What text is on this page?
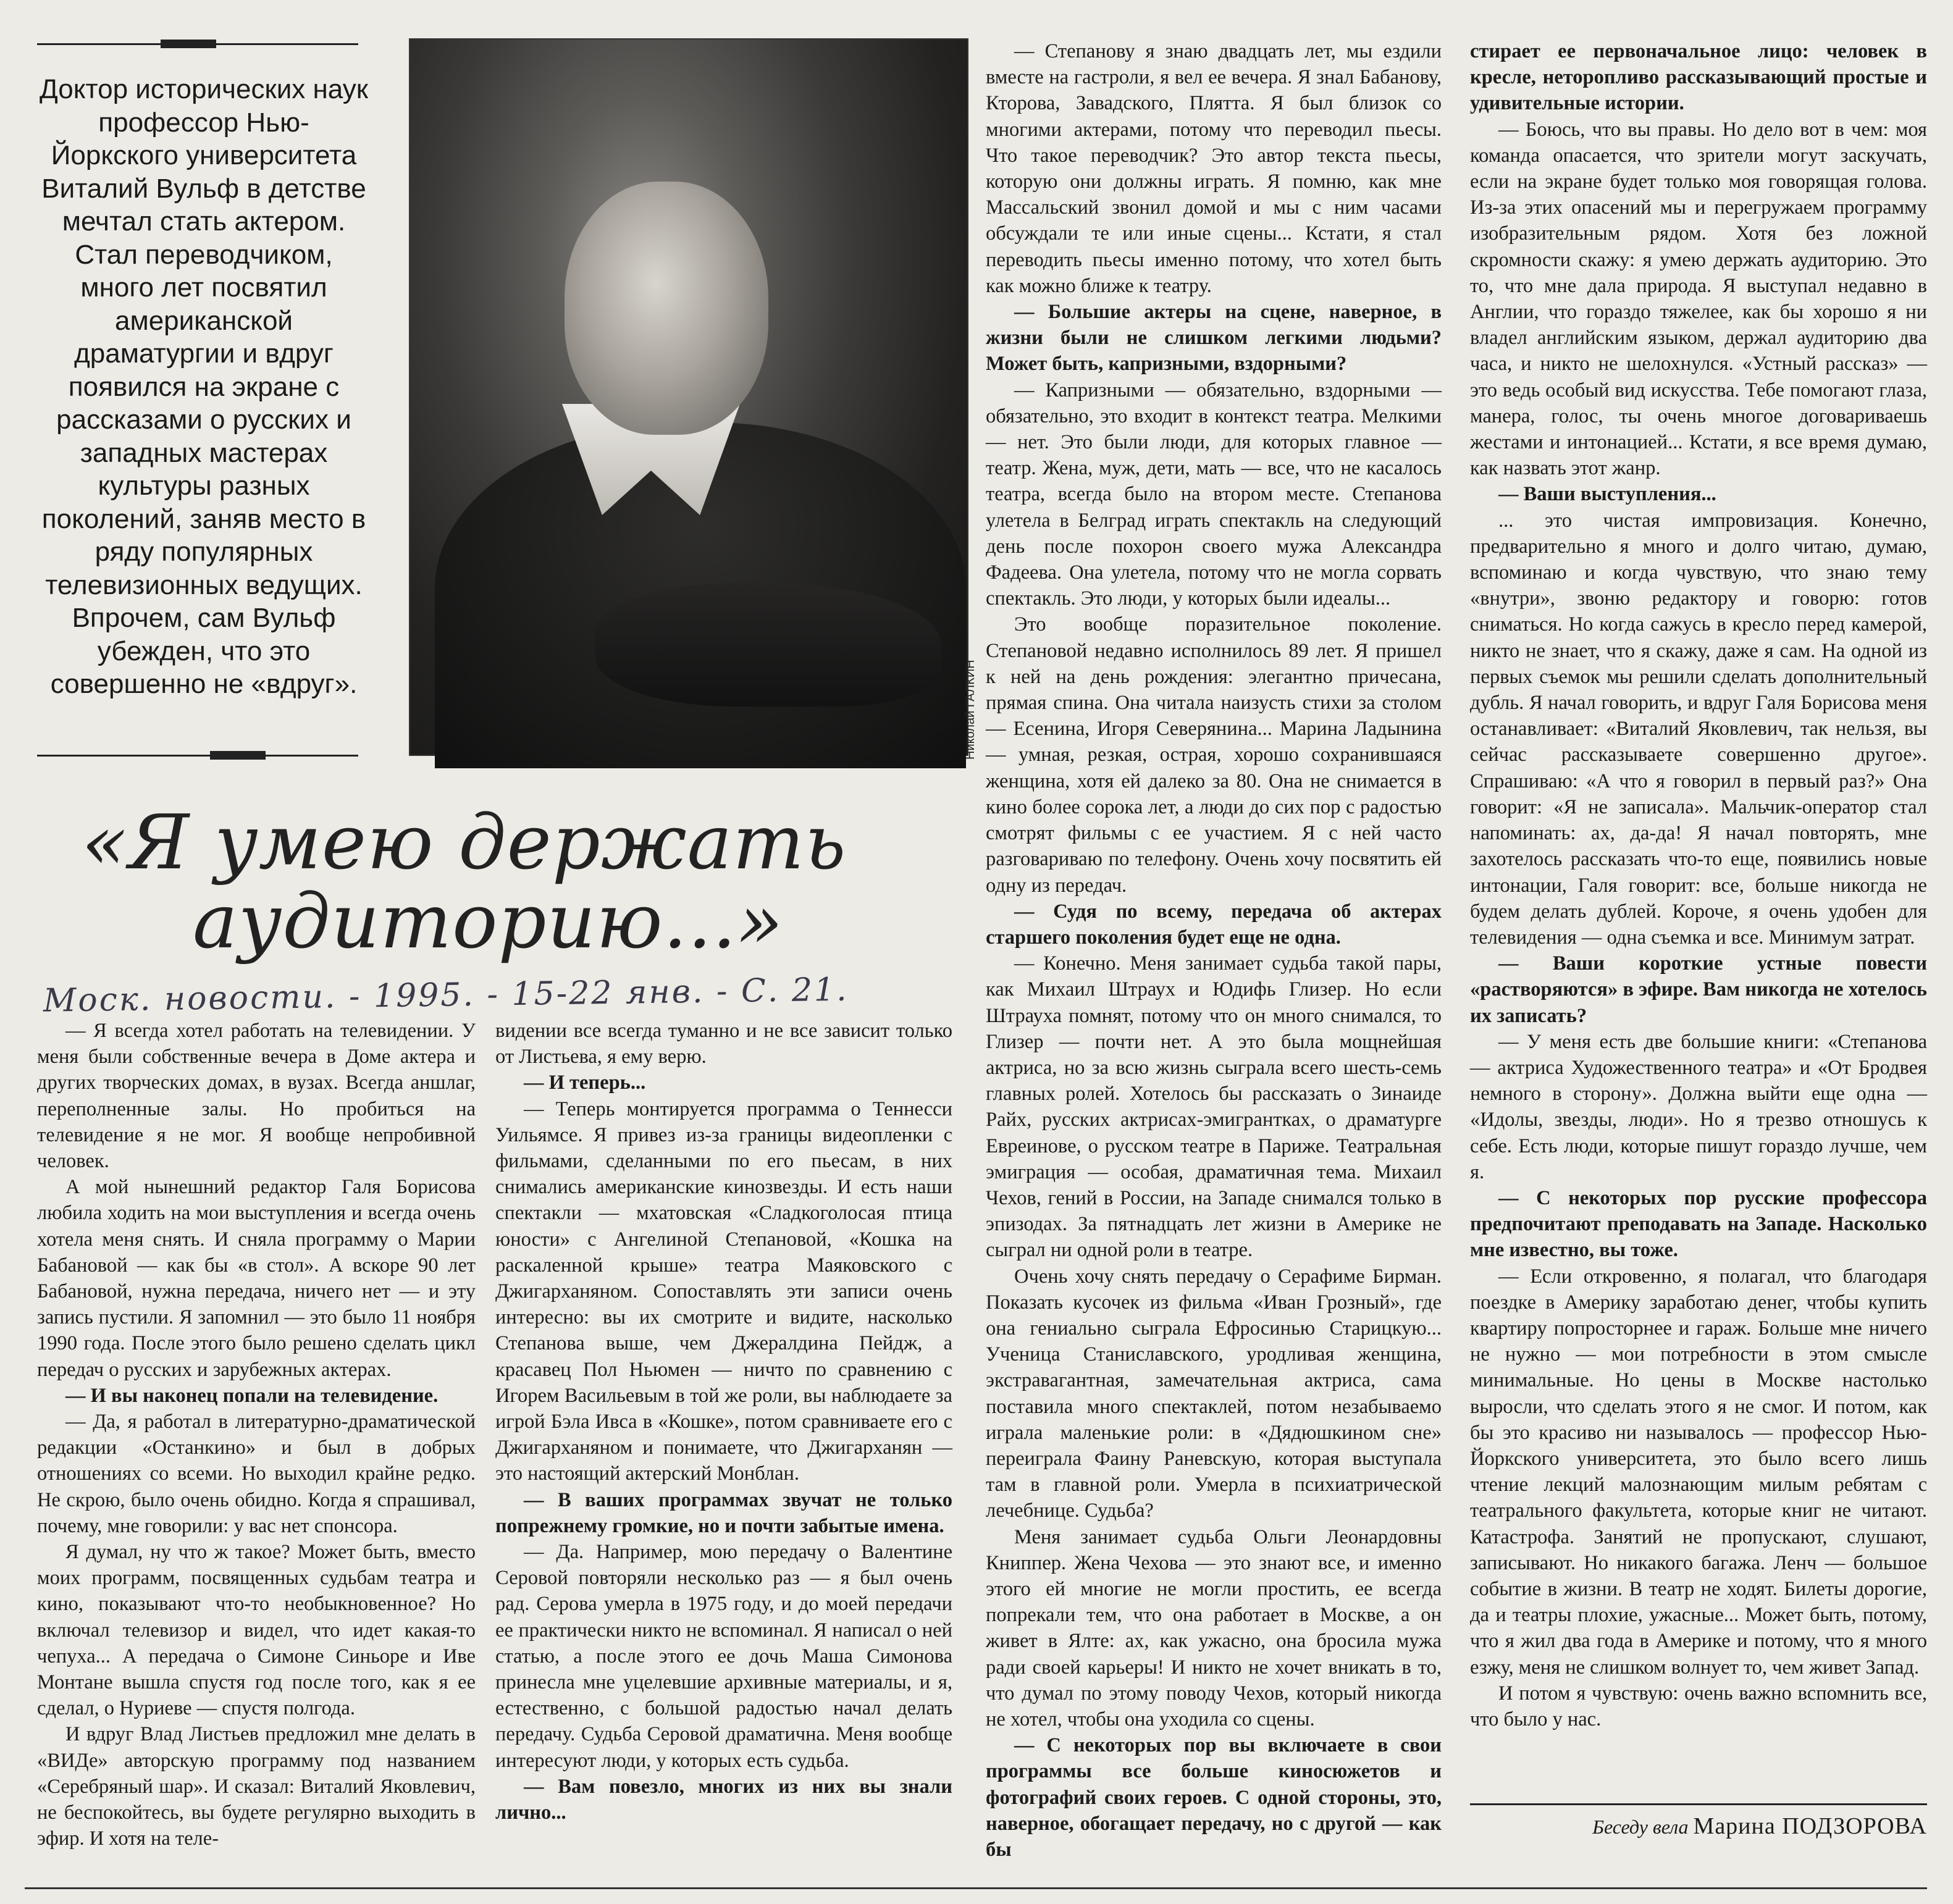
Доктор исторических наук профессор Нью-Йоркского университета Виталий Вульф в детстве мечтал стать актером. Стал переводчиком, много лет посвятил американской драматургии и вдруг появился на экране с рассказами о русских и западных мастерах культуры разных поколений, заняв место в ряду популярных телевизионных ведущих. Впрочем, сам Вульф убежден, что это совершенно не «вдруг».	Николай ГАЛКИН
«Я умею держать
аудиторию...»
Моск. новости. - 1995. - 15-22 янв. - С. 21.

— Я всегда хотел работать на телевидении. У меня были собственные вечера в Доме актера и других творческих домах, в вузах. Всегда аншлаг, переполненные залы. Но пробиться на телевидение я не мог. Я вообще непробивной человек.

А мой нынешний редактор Галя Борисова любила ходить на мои выступления и всегда очень хотела меня снять. И сняла программу о Марии Бабановой — как бы «в стол». А вскоре 90 лет Бабановой, нужна передача, ничего нет — и эту запись пустили. Я запомнил — это было 11 ноября 1990 года. После этого было решено сделать цикл передач о русских и зарубежных актерах.

— И вы наконец попали на телевидение.

— Да, я работал в литературно-драматической редакции «Останкино» и был в добрых отношениях со всеми. Но выходил крайне редко. Не скрою, было очень обидно. Когда я спрашивал, почему, мне говорили: у вас нет спонсора.

Я думал, ну что ж такое? Может быть, вместо моих программ, посвященных судьбам театра и кино, показывают что-то необыкновенное? Но включал телевизор и видел, что идет какая-то чепуха... А передача о Симоне Синьоре и Иве Монтане вышла спустя год после того, как я ее сделал, о Нуриеве — спустя полгода.

И вдруг Влад Листьев предложил мне делать в «ВИДе» авторскую программу под названием «Серебряный шар». И сказал: Виталий Яковлевич, не беспокойтесь, вы будете регулярно выходить в эфир. И хотя на теле-

видении все всегда туманно и не все зависит только от Листьева, я ему верю.

— И теперь...

— Теперь монтируется программа о Теннесси Уильямсе. Я привез из-за границы видеопленки с фильмами, сделанными по его пьесам, в них снимались американские кинозвезды. И есть наши спектакли — мхатовская «Сладкоголосая птица юности» с Ангелиной Степановой, «Кошка на раскаленной крыше» театра Маяковского с Джигарханяном. Сопоставлять эти записи очень интересно: вы их смотрите и видите, насколько Степанова выше, чем Джералдина Пейдж, а красавец Пол Ньюмен — ничто по сравнению с Игорем Васильевым в той же роли, вы наблюдаете за игрой Бэла Ивса в «Кошке», потом сравниваете его с Джигарханяном и понимаете, что Джигарханян — это настоящий актерский Монблан.

— В ваших программах звучат не только попрежнему громкие, но и почти забытые имена.

— Да. Например, мою передачу о Валентине Серовой повторяли несколько раз — я был очень рад. Серова умерла в 1975 году, и до моей передачи ее практически никто не вспоминал. Я написал о ней статью, а после этого ее дочь Маша Симонова принесла мне уцелевшие архивные материалы, и я, естественно, с большой радостью начал делать передачу. Судьба Серовой драматична. Меня вообще интересуют люди, у которых есть судьба.

— Вам повезло, многих из них вы знали лично...

— Степанову я знаю двадцать лет, мы ездили вместе на гастроли, я вел ее вечера. Я знал Бабанову, Кторова, Завадского, Плятта. Я был близок со многими актерами, потому что переводил пьесы. Что такое переводчик? Это автор текста пьесы, которую они должны играть. Я помню, как мне Массальский звонил домой и мы с ним часами обсуждали те или иные сцены... Кстати, я стал переводить пьесы именно потому, что хотел быть как можно ближе к театру.

— Большие актеры на сцене, наверное, в жизни были не слишком легкими людьми? Может быть, капризными, вздорными?

— Капризными — обязательно, вздорными — обязательно, это входит в контекст театра. Мелкими — нет. Это были люди, для которых главное — театр. Жена, муж, дети, мать — все, что не касалось театра, всегда было на втором месте. Степанова улетела в Белград играть спектакль на следующий день после похорон своего мужа Александра Фадеева. Она улетела, потому что не могла сорвать спектакль. Это люди, у которых были идеалы...

Это вообще поразительное поколение. Степановой недавно исполнилось 89 лет. Я пришел к ней на день рождения: элегантно причесана, прямая спина. Она читала наизусть стихи за столом — Есенина, Игоря Северянина... Марина Ладынина — умная, резкая, острая, хорошо сохранившаяся женщина, хотя ей далеко за 80. Она не снимается в кино более сорока лет, а люди до сих пор с радостью смотрят фильмы с ее участием. Я с ней часто разговариваю по телефону. Очень хочу посвятить ей одну из передач.

— Судя по всему, передача об актерах старшего поколения будет еще не одна.

— Конечно. Меня занимает судьба такой пары, как Михаил Штраух и Юдифь Глизер. Но если Штрауха помнят, потому что он много снимался, то Глизер — почти нет. А это была мощнейшая актриса, но за всю жизнь сыграла всего шесть-семь главных ролей. Хотелось бы рассказать о Зинаиде Райх, русских актрисах-эмигрантках, о драматурге Евреинове, о русском театре в Париже. Театральная эмиграция — особая, драматичная тема. Михаил Чехов, гений в России, на Западе снимался только в эпизодах. За пятнадцать лет жизни в Америке не сыграл ни одной роли в театре.

Очень хочу снять передачу о Серафиме Бирман. Показать кусочек из фильма «Иван Грозный», где она гениально сыграла Ефросинью Старицкую... Ученица Станиславского, уродливая женщина, экстравагантная, замечательная актриса, сама поставила много спектаклей, потом незабываемо играла маленькие роли: в «Дядюшкином сне» переиграла Фаину Раневскую, которая выступала там в главной роли. Умерла в психиатрической лечебнице. Судьба?

Меня занимает судьба Ольги Леонардовны Книппер. Жена Чехова — это знают все, и именно этого ей многие не могли простить, ее всегда попрекали тем, что она работает в Москве, а он живет в Ялте: ах, как ужасно, она бросила мужа ради своей карьеры! И никто не хочет вникать в то, что думал по этому поводу Чехов, который никогда не хотел, чтобы она уходила со сцены.

— С некоторых пор вы включаете в свои программы все больше киносюжетов и фотографий своих героев. С одной стороны, это, наверное, обогащает передачу, но с другой — как бы

стирает ее первоначальное лицо: человек в кресле, неторопливо рассказывающий простые и удивительные истории.

— Боюсь, что вы правы. Но дело вот в чем: моя команда опасается, что зрители могут заскучать, если на экране будет только моя говорящая голова. Из-за этих опасений мы и перегружаем программу изобразительным рядом. Хотя без ложной скромности скажу: я умею держать аудиторию. Это то, что мне дала природа. Я выступал недавно в Англии, что гораздо тяжелее, как бы хорошо я ни владел английским языком, держал аудиторию два часа, и никто не шелохнулся. «Устный рассказ» — это ведь особый вид искусства. Тебе помогают глаза, манера, голос, ты очень многое договариваешь жестами и интонацией... Кстати, я все время думаю, как назвать этот жанр.

— Ваши выступления...

... это чистая импровизация. Конечно, предварительно я много и долго читаю, думаю, вспоминаю и когда чувствую, что знаю тему «внутри», звоню редактору и говорю: готов сниматься. Но когда сажусь в кресло перед камерой, никто не знает, что я скажу, даже я сам. На одной из первых съемок мы решили сделать дополнительный дубль. Я начал говорить, и вдруг Галя Борисова меня останавливает: «Виталий Яковлевич, так нельзя, вы сейчас рассказываете совершенно другое». Спрашиваю: «А что я говорил в первый раз?» Она говорит: «Я не записала». Мальчик-оператор стал напоминать: ах, да-да! Я начал повторять, мне захотелось рассказать что-то еще, появились новые интонации, Галя говорит: все, больше никогда не будем делать дублей. Короче, я очень удобен для телевидения — одна съемка и все. Минимум затрат.

— Ваши короткие устные повести «растворяются» в эфире. Вам никогда не хотелось их записать?

— У меня есть две большие книги: «Степанова — актриса Художественного театра» и «От Бродвея немного в сторону». Должна выйти еще одна — «Идолы, звезды, люди». Но я трезво отношусь к себе. Есть люди, которые пишут гораздо лучше, чем я.

— С некоторых пор русские профессора предпочитают преподавать на Западе. Насколько мне известно, вы тоже.

— Если откровенно, я полагал, что благодаря поездке в Америку заработаю денег, чтобы купить квартиру попросторнее и гараж. Больше мне ничего не нужно — мои потребности в этом смысле минимальные. Но цены в Москве настолько выросли, что сделать этого я не смог. И потом, как бы это красиво ни называлось — профессор Нью-Йоркского университета, это было всего лишь чтение лекций малознающим милым ребятам с театрального факультета, которые книг не читают. Катастрофа. Занятий не пропускают, слушают, записывают. Но никакого багажа. Ленч — большое событие в жизни. В театр не ходят. Билеты дорогие, да и театры плохие, ужасные... Может быть, потому, что я жил два года в Америке и потому, что я много езжу, меня не слишком волнует то, чем живет Запад.

И потом я чувствую: очень важно вспомнить все, что было у нас.

Беседу вела Марина ПОДЗОРОВА
